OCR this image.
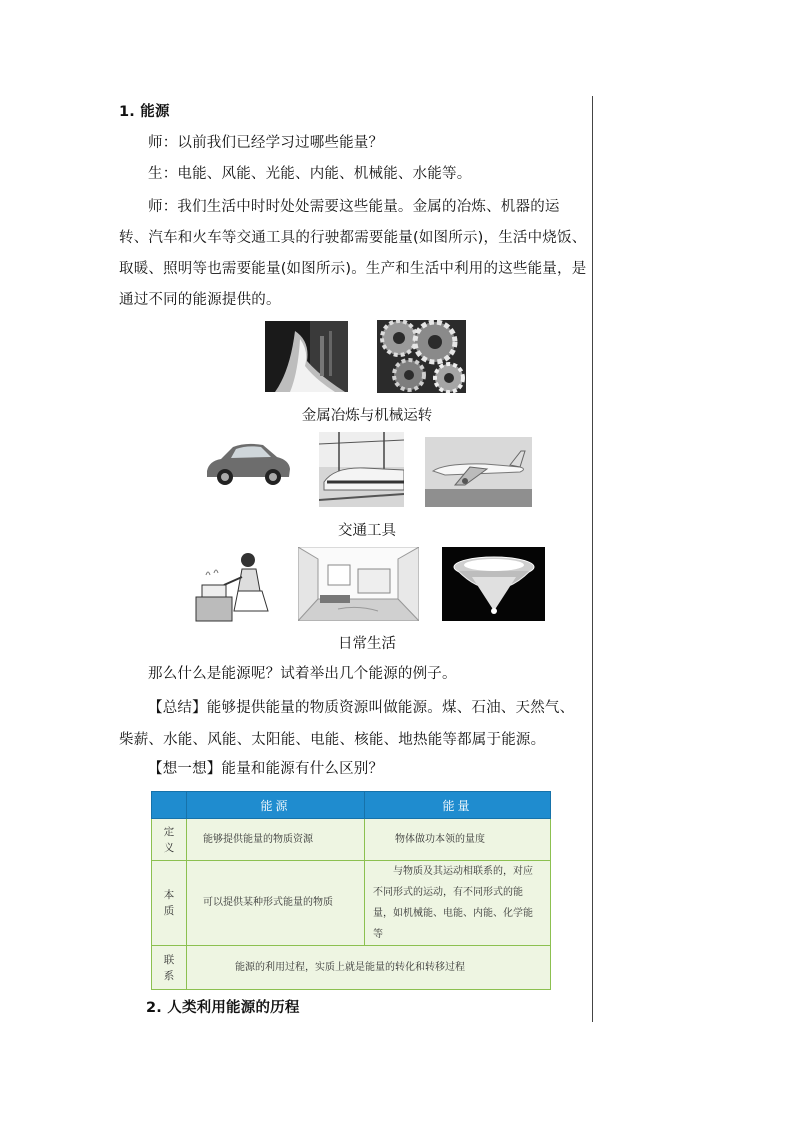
1. 能源
师：以前我们已经学习过哪些能量？
生：电能、风能、光能、内能、机械能、水能等。
师：我们生活中时时处处需要这些能量。金属的冶炼、机器的运转、汽车和火车等交通工具的行驶都需要能量(如图所示)，生活中烧饭、取暖、照明等也需要能量(如图所示)。生产和生活中利用的这些能量，是通过不同的能源提供的。
金属冶炼与机械运转
交通工具
日常生活
那么什么是能源呢？试着举出几个能源的例子。
【总结】能够提供能量的物质资源叫做能源。煤、石油、天然气、柴薪、水能、风能、太阳能、电能、核能、地热能等都属于能源。
【想一想】能量和能源有什么区别？
	能源	能量
定义	能够提供能量的物质资源	物体做功本领的量度
本质	可以提供某种形式能量的物质	与物质及其运动相联系的，对应不同形式的运动，有不同形式的能量，如机械能、电能、内能、化学能等
联系	能源的利用过程，实质上就是能量的转化和转移过程	
2. 人类利用能源的历程
